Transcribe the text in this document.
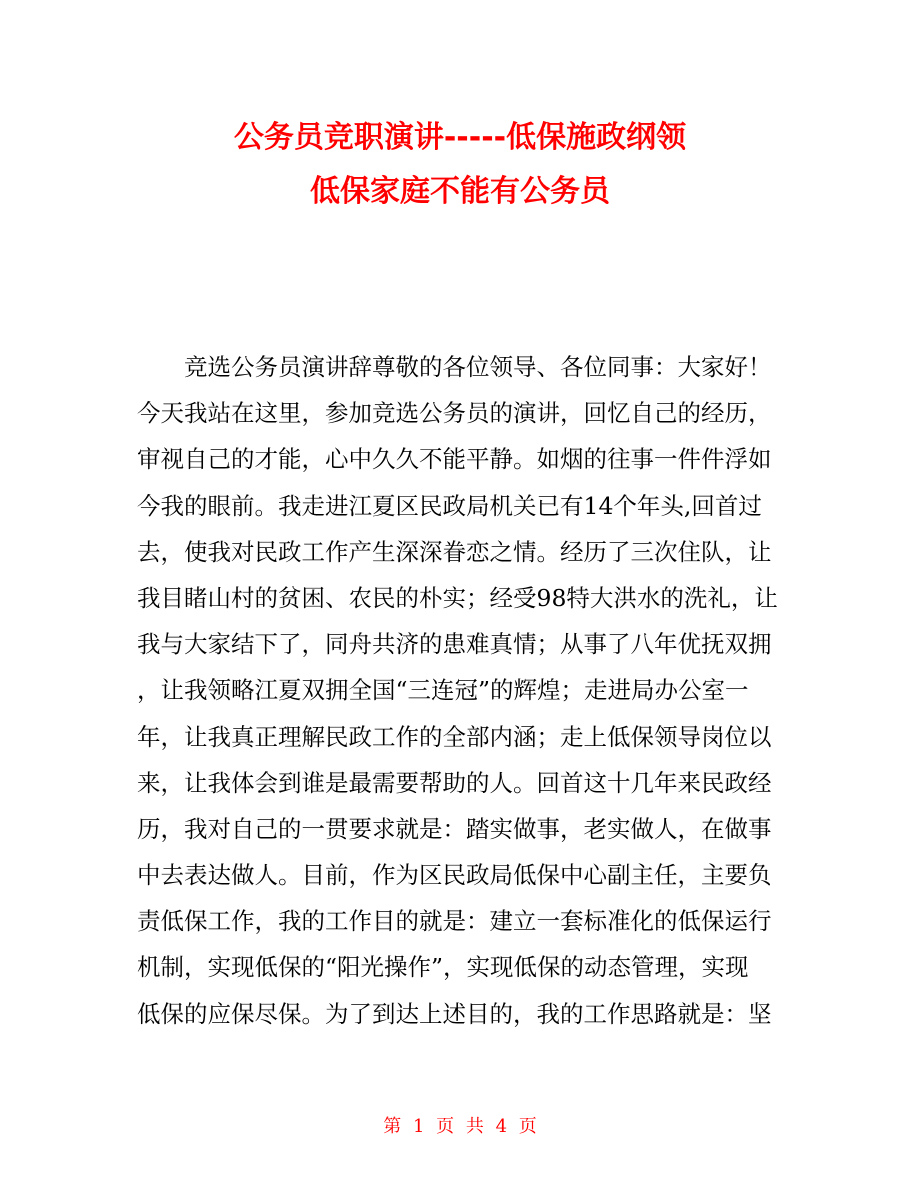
公务员竞职演讲-----低保施政纲领
低保家庭不能有公务员
竞选公务员演讲辞尊敬的各位领导、各位同事：大家好！
今天我站在这里，参加竞选公务员的演讲，回忆自己的经历，
审视自己的才能，心中久久不能平静。如烟的往事一件件浮如
今我的眼前。我走进江夏区民政局机关已有14个年头,回首过
去，使我对民政工作产生深深眷恋之情。经历了三次住队，让
我目睹山村的贫困、农民的朴实；经受98特大洪水的洗礼，让
我与大家结下了，同舟共济的患难真情；从事了八年优抚双拥
，让我领略江夏双拥全国“三连冠”的辉煌；走进局办公室一
年，让我真正理解民政工作的全部内涵；走上低保领导岗位以
来，让我体会到谁是最需要帮助的人。回首这十几年来民政经
历，我对自己的一贯要求就是：踏实做事，老实做人，在做事
中去表达做人。目前，作为区民政局低保中心副主任，主要负
责低保工作，我的工作目的就是：建立一套标准化的低保运行
机制，实现低保的“阳光操作”，实现低保的动态管理，实现
低保的应保尽保。为了到达上述目的，我的工作思路就是：坚
第 1 页 共 4 页
